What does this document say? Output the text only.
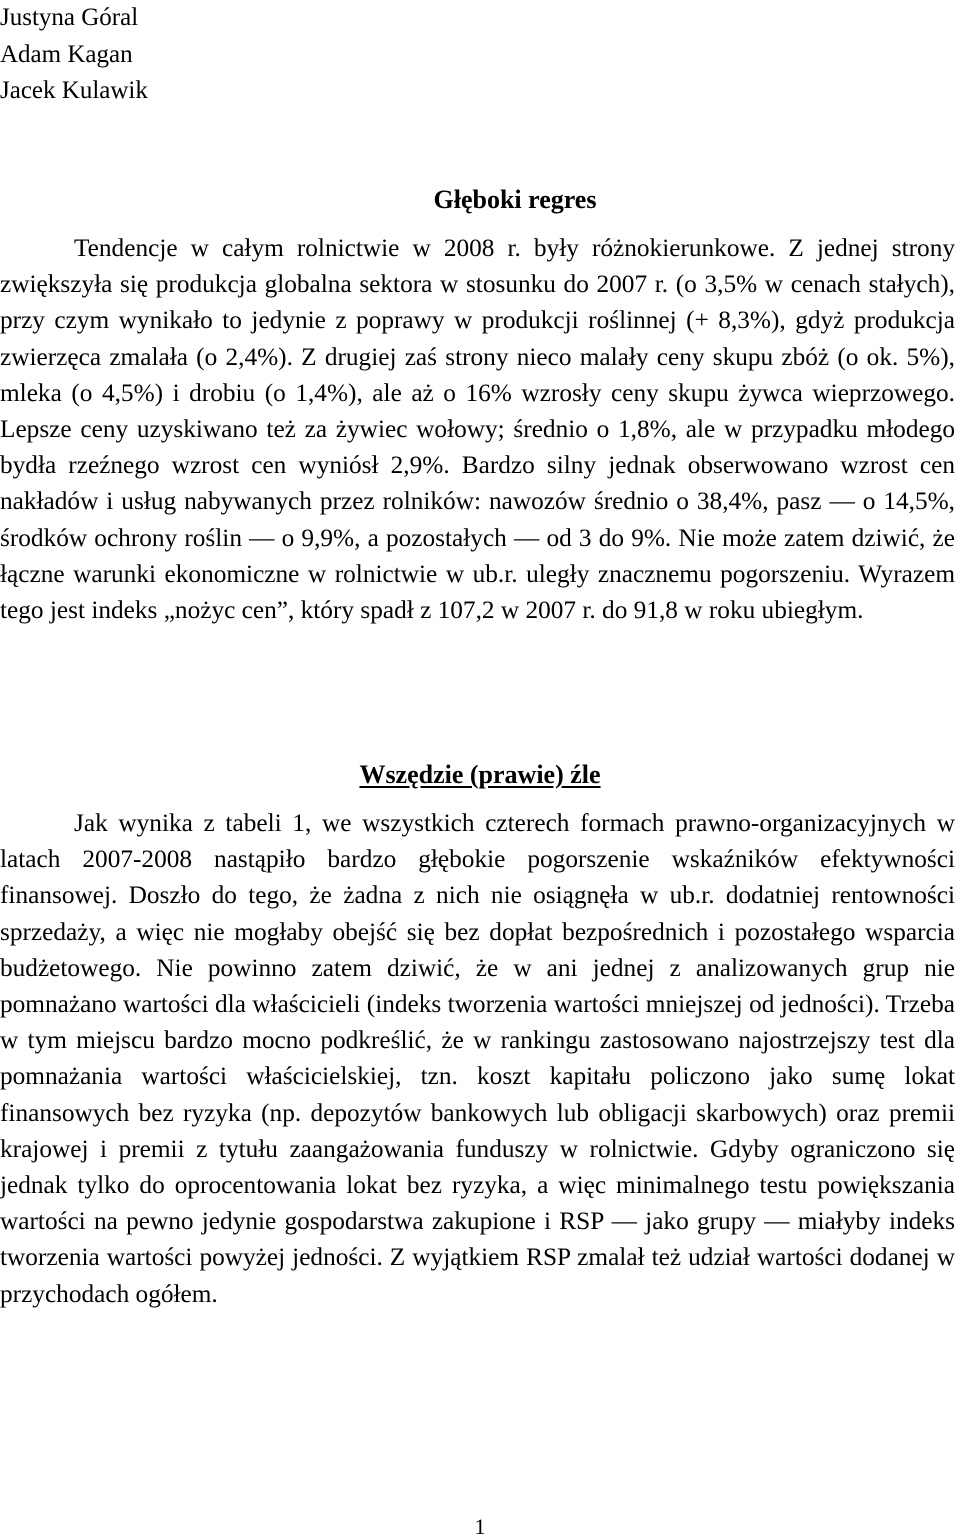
Justyna Góral
Adam Kagan
Jacek Kulawik
Głęboki regres

Tendencje w całym rolnictwie w 2008 r. były różnokierunkowe. Z jednej strony zwiększyła się produkcja globalna sektora w stosunku do 2007 r. (o 3,5% w cenach stałych), przy czym wynikało to jedynie z poprawy w produkcji roślinnej (+ 8,3%), gdyż produkcja zwierzęca zmalała (o 2,4%). Z drugiej zaś strony nieco malały ceny skupu zbóż (o ok. 5%), mleka (o 4,5%) i drobiu (o 1,4%), ale aż o 16% wzrosły ceny skupu żywca wieprzowego. Lepsze ceny uzyskiwano też za żywiec wołowy; średnio o 1,8%, ale w przypadku młodego bydła rzeźnego wzrost cen wyniósł 2,9%. Bardzo silny jednak obserwowano wzrost cen nakładów i usług nabywanych przez rolników: nawozów średnio o 38,4%, pasz — o 14,5%, środków ochrony roślin — o 9,9%, a pozostałych — od 3 do 9%. Nie może zatem dziwić, że łączne warunki ekonomiczne w rolnictwie w ub.r. uległy znacznemu pogorszeniu. Wyrazem tego jest indeks „nożyc cen”, który spadł z 107,2 w 2007 r. do 91,8 w roku ubiegłym.

Wszędzie (prawie) źle

Jak wynika z tabeli 1, we wszystkich czterech formach prawno-organizacyjnych w latach 2007-2008 nastąpiło bardzo głębokie pogorszenie wskaźników efektywności finansowej. Doszło do tego, że żadna z nich nie osiągnęła w ub.r. dodatniej rentowności sprzedaży, a więc nie mogłaby obejść się bez dopłat bezpośrednich i pozostałego wsparcia budżetowego. Nie powinno zatem dziwić, że w ani jednej z analizowanych grup nie pomnażano wartości dla właścicieli (indeks tworzenia wartości mniejszej od jedności). Trzeba w tym miejscu bardzo mocno podkreślić, że w rankingu zastosowano najostrzejszy test dla pomnażania wartości właścicielskiej, tzn. koszt kapitału policzono jako sumę lokat finansowych bez ryzyka (np. depozytów bankowych lub obligacji skarbowych) oraz premii krajowej i premii z tytułu zaangażowania funduszy w rolnictwie. Gdyby ograniczono się jednak tylko do oprocentowania lokat bez ryzyka, a więc minimalnego testu powiększania wartości na pewno jedynie gospodarstwa zakupione i RSP — jako grupy — miałyby indeks tworzenia wartości powyżej jedności. Z wyjątkiem RSP zmalał też udział wartości dodanej w przychodach ogółem.

1
